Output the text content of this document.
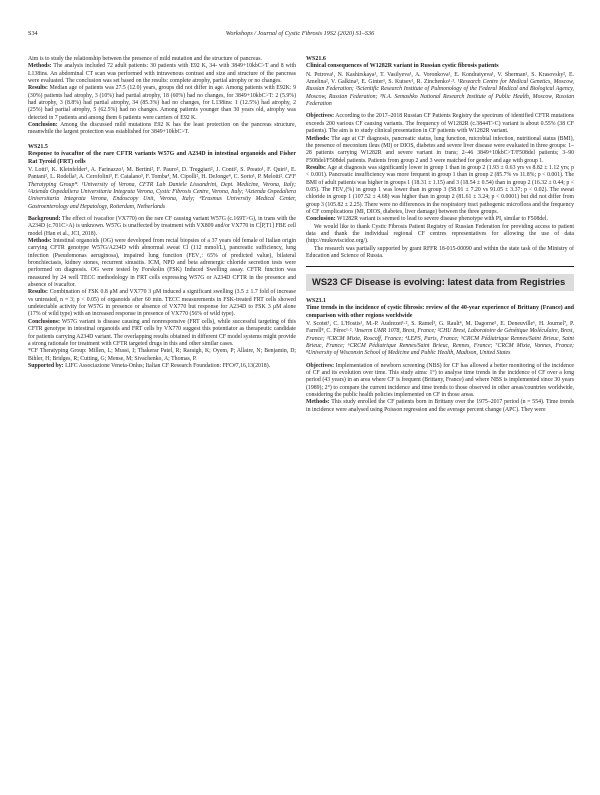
S34	Workshops / Journal of Cystic Fibrosis 19S2 (2020) S1–S36

Aim is to study the relationship between the presence of mild mutation and the structure of pancreas.

Methods: The analysis included 72 adult patients: 30 patients with E92 K, 34- with 3849+10kbC>T and 8 with L138ins. An abdominal CT scan was performed with intravenous contrast and size and structure of the pancreas were evaluated. The conclusion was set based on the results: complete atrophy, partial atrophy or no changes.

Results: Median age of patients was 27.5 (12.0) years, groups did not differ in age. Among patients with E92K: 9 (30%) patients had atrophy, 3 (10%) had partial atrophy, 18 (60%) had no changes, for 3849+10kbC>T: 2 (5.9%) had atrophy, 3 (8.8%) had partial atrophy, 34 (85.3%) had no changes, for L138ins: 1 (12.5%) had atrophy, 2 (25%) had partial atrophy, 5 (62.5%) had no changes. Among patients younger than 30 years old, atrophy was detected in 7 patients and among them 6 patients were carriers of E92 K.

Conclusion: Among the discussed mild mutations E92 K has the least protection on the pancreas structure, meanwhile the largest protection was established for 3849+10kbC>T.

WS21.5
Response to ivacaftor of the rare CFTR variants W57G and A234D in intestinal organoids and Fisher Rat Tyroid (FRT) cells
V. Lotti¹, K. Kleinfelder¹, A. Farinazzo¹, M. Bertini², F. Pauro², D. Treggiari², J. Conti², S. Preato¹, F. Quiri¹, E. Pantani², L. Rodella³, A. Cerofolini³, F. Catalano³, F. Tomba⁴, M. Cipolli², H. DeJonge⁴, C. Sorio¹, P. Melotti². CFF Theratyping Group*. ¹University of Verona, CFTR Lab Daniele Lissandrini, Dept. Medicine, Verona, Italy; ²Azienda Ospedaliera Universitaria Integrata Verona, Cystic Fibrosis Centre, Verona, Italy; ³Azienda Ospedaliera Universitaria Integrata Verona, Endoscopy Unit, Verona, Italy; ⁴Erasmus University Medical Center, Gastroenterology and Hepatology, Rotterdam, Netherlands

Background: The effect of ivacaftor (VX770) on the rare CF causing variant W57G (c.169T>G), in trans with the A234D (c.701C>A) is unknown. W57G is unaffected by treatment with VX809 and/or VX770 in C[P,T1] FBE cell model (Han et al., JCI, 2018).

Methods: Intestinal organoids (OG) were developed from rectal biopsies of a 37 years old female of Italian origin carrying CFTR genotype W57G/A234D with abnormal sweat Cl (112 mmol/L), pancreatic sufficiency, lung infection (Pseudomonas aeruginosa), impaired lung function (FEV₁: 65% of predicted value), bilateral bronchiectasis, kidney stones, recurrent sinusitis. ICM, NPD and beta adrenergic chloride secretion tests were performed on diagnosis. OG were tested by Forskolin (FSK) Induced Swelling assay. CFTR function was measured by 24 well TECC methodology in FRT cells expressing W57G or A234D CFTR in the presence and absence of ivacaftor.

Results: Combination of FSK 0.8 μM and VX770 3 μM induced a significant swelling (3.5 ± 1.7 fold of increase vs untreated, n = 3; p < 0.05) of organoids after 60 min. TECC measurements in FSK-treated FRT cells showed undetectable activity for W57G in presence or absence of VX770 but response for A234D to FSK 3 μM alone (17% of wild type) with an increased response in presence of VX770 (56% of wild type).

Conclusions: W57G variant is disease causing and nonresponsive (FRT cells), while successful targeting of this CFTR genotype in intestinal organoids and FRT cells by VX770 suggest this potentiator as therapeutic candidate for patients carrying A234D variant. The overlapping results obtained in different CF model systems might provide a strong rationale for treatment with CFTR targeted drugs in this and other similar cases.

*CF Theratyping Group: Millen, L; Mussi, I; Thakerar Patel, R; Raraigh, K; Oyem, P; Allaire, N; Benjamin, D; Bihler, H; Bridges, R; Cutting, G; Mense, M; Sivachenko, A; Thomas, P.

Supported by: LIFC Associazione Veneta-Onlus; Italian CF Research Foundation: FFC#7,16,13(2018).

WS21.6
Clinical consequences of W1282R variant in Russian cystic fibrosis patients
N. Petrova¹, N. Kashirskaya¹, T. Vasilyeva¹, A. Voronkova¹, E. Kondratyeva¹, V. Sherman¹, S. Krasovsky², E. Amelina², V. Galkina³, E. Ginter¹, S. Kutsev¹, R. Zinchenko¹·³. ¹Research Centre for Medical Genetics, Moscow, Russian Federation; ²Scientific Research Institute of Pulmonology of the Federal Medical and Biological Agency, Moscow, Russian Federation; ³N.A. Semashko National Research Institute of Public Health, Moscow, Russian Federation

Objectives: According to the 2017–2018 Russian CF Patients Registry the spectrum of identified CFTR mutations exceeds 200 various CF causing variants. The frequency of W1282R (c.3844T>C) variant is about 0.55% (38 CF patients). The aim is to study clinical presentation in CF patients with W1282R variant.

Methods: The age at CF diagnosis, pancreatic status, lung function, microbial infection, nutritional status (BMI), the presence of meconium ileus (MI) or DIOS, diabetes and severe liver disease were evaluated in three groups: 1–28 patients carrying W1282R and severe variant in trans; 2–46 3849+10kbC>T/F508del patients; 3–90 F508del/F508del patients. Patients from group 2 and 3 were matched for gender and age with group 1.

Results: Age at diagnosis was significantly lower in group 1 than in group 2 (1.93 ± 0.63 yrs vs 8.82 ± 1.12 yrs; p < 0.001). Pancreatic insufficiency was more frequent in group 1 than in group 2 (85.7% vs 11.8%; p < 0.001). The BMI of adult patients was higher in groups 1 (18.31 ± 1.15) and 3 (18.54 ± 0.54) than in group 2 (16.32 ± 0.44; p < 0.05). The FEV₁(%) in group 1 was lower than in group 3 (58.91 ± 7.20 vs 91.05 ± 3.37; p < 0.02). The sweat chloride in group 1 (107.52 ± 4.68) was higher than in group 2 (81.61 ± 3.24; p < 0.0001) but did not differ from group 3 (105.82 ± 2.25). There were no differences in the respiratory tract pathogenic microflora and the frequency of CF complications (MI, DIOS, diabetes, liver damage) between the three groups.

Conclusion: W1282R variant is seemed to lead to severe disease phenotype with PI, similar to F508del.

We would like to thank Cystic Fibrosis Patient Registry of Russian Federation for providing access to patient data and thank the individual regional CF centres representatives for allowing the use of data (http://mukoviscidoz.org/).

The research was partially supported by grant RFFR 18-015-00090 and within the state task of the Ministry of Education and Science of Russia.

WS23 CF Disease is evolving: latest data from Registries
WS23.1
Time trends in the incidence of cystic fibrosis: review of the 40-year experience of Brittany (France) and comparison with other regions worldwide
V. Scotet¹, C. L'Hostis¹, M.-P. Audrezet¹·², S. Ramel³, G. Rault⁴, M. Dagorne⁵, E. Deneuville⁶, H. Journel⁷, P. Farrell⁸, C. Férec¹·². ¹Inserm UMR 1078, Brest, France; ²CHU Brest, Laboratoire de Génétique Moléculaire, Brest, France; ³CRCM Mixte, Roscoff, France; ⁴LEPS, Paris, France; ⁵CRCM Pédiatrique Rennes/Saint Brieuc, Saint Brieuc, France; ⁶CRCM Pédiatrique Rennes/Saint Brieuc, Rennes, France; ⁷CRCM Mixte, Vannes, France; ⁸University of Wisconsin School of Medicine and Public Health, Madison, United States

Objectives: Implementation of newborn screening (NBS) for CF has allowed a better monitoring of the incidence of CF and its evolution over time. This study aims: 1°) to analyse time trends in the incidence of CF over a long period (43 years) in an area where CF is frequent (Brittany, France) and where NBS is implemented since 30 years (1989); 2°) to compare the current incidence and time trends to those observed in other areas/countries worldwide, considering the public health policies implemented on CF in those areas.

Methods: This study enrolled the CF patients born in Brittany over the 1975–2017 period (n = 554). Time trends in incidence were analysed using Poisson regression and the average percent change (APC). They were
